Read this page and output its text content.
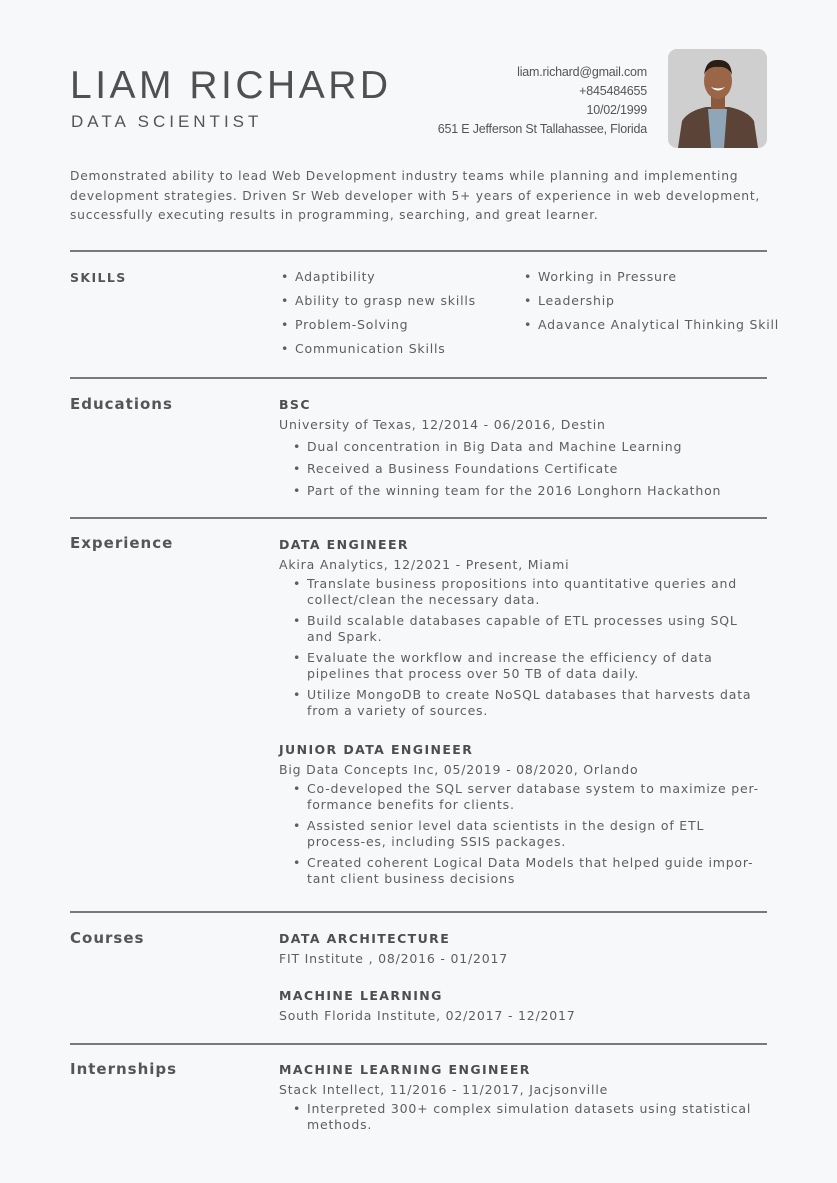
LIAM RICHARD
DATA SCIENTIST
liam.richard@gmail.com
+845484655
10/02/1999
651 E Jefferson St Tallahassee, Florida
Demonstrated ability to lead Web Development industry teams while planning and implementing development strategies. Driven Sr Web developer with 5+ years of experience in web development, successfully executing results in programming, searching, and great learner.
SKILLS	• Adaptibility
• Ability to grasp new skills
• Problem-Solving
• Communication Skills
• Working in Pressure
• Leadership
• Adavance Analytical Thinking Skill
Educations	BSC
University of Texas, 12/2014 - 06/2016, Destin
• Dual concentration in Big Data and Machine Learning
• Received a Business Foundations Certificate
• Part of the winning team for the 2016 Longhorn Hackathon
Experience	DATA ENGINEER
Akira Analytics, 12/2021 - Present, Miami
• Translate business propositions into quantitative queries and collect/clean the necessary data.
• Build scalable databases capable of ETL processes using SQL and Spark.
• Evaluate the workflow and increase the efficiency of data pipelines that process over 50 TB of data daily.
• Utilize MongoDB to create NoSQL databases that harvests data from a variety of sources.
JUNIOR DATA ENGINEER
Big Data Concepts Inc, 05/2019 - 08/2020, Orlando
• Co-developed the SQL server database system to maximize per-formance benefits for clients.
• Assisted senior level data scientists in the design of ETL process-es, including SSIS packages.
• Created coherent Logical Data Models that helped guide impor-tant client business decisions
Courses	DATA ARCHITECTURE
FIT Institute , 08/2016 - 01/2017
MACHINE LEARNING
South Florida Institute, 02/2017 - 12/2017
Internships	MACHINE LEARNING ENGINEER
Stack Intellect, 11/2016 - 11/2017, Jacjsonville
• Interpreted 300+ complex simulation datasets using statistical methods.
